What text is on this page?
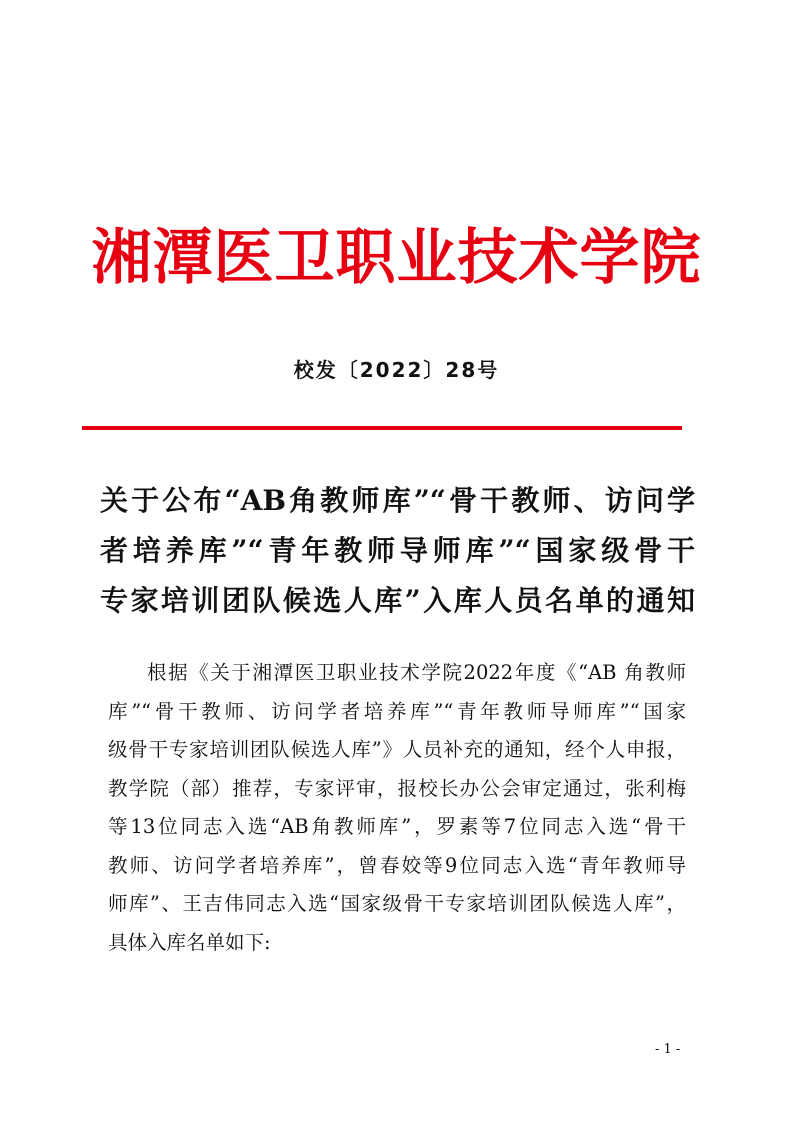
湘潭医卫职业技术学院
校发〔2022〕28号
关于公布“AB角教师库”“骨干教师、访问学
者培养库”“青年教师导师库”“国家级骨干
专家培训团队候选人库”入库人员名单的通知
根据《关于湘潭医卫职业技术学院2022年度《“AB 角教师
库”“骨干教师、访问学者培养库”“青年教师导师库”“国家
级骨干专家培训团队候选人库”》人员补充的通知，经个人申报，
教学院（部）推荐，专家评审，报校长办公会审定通过，张利梅
等13位同志入选“AB角教师库”，罗素等7位同志入选“骨干
教师、访问学者培养库”，曾春姣等9位同志入选“青年教师导
师库”、王吉伟同志入选“国家级骨干专家培训团队候选人库”，
具体入库名单如下:
- 1 -
